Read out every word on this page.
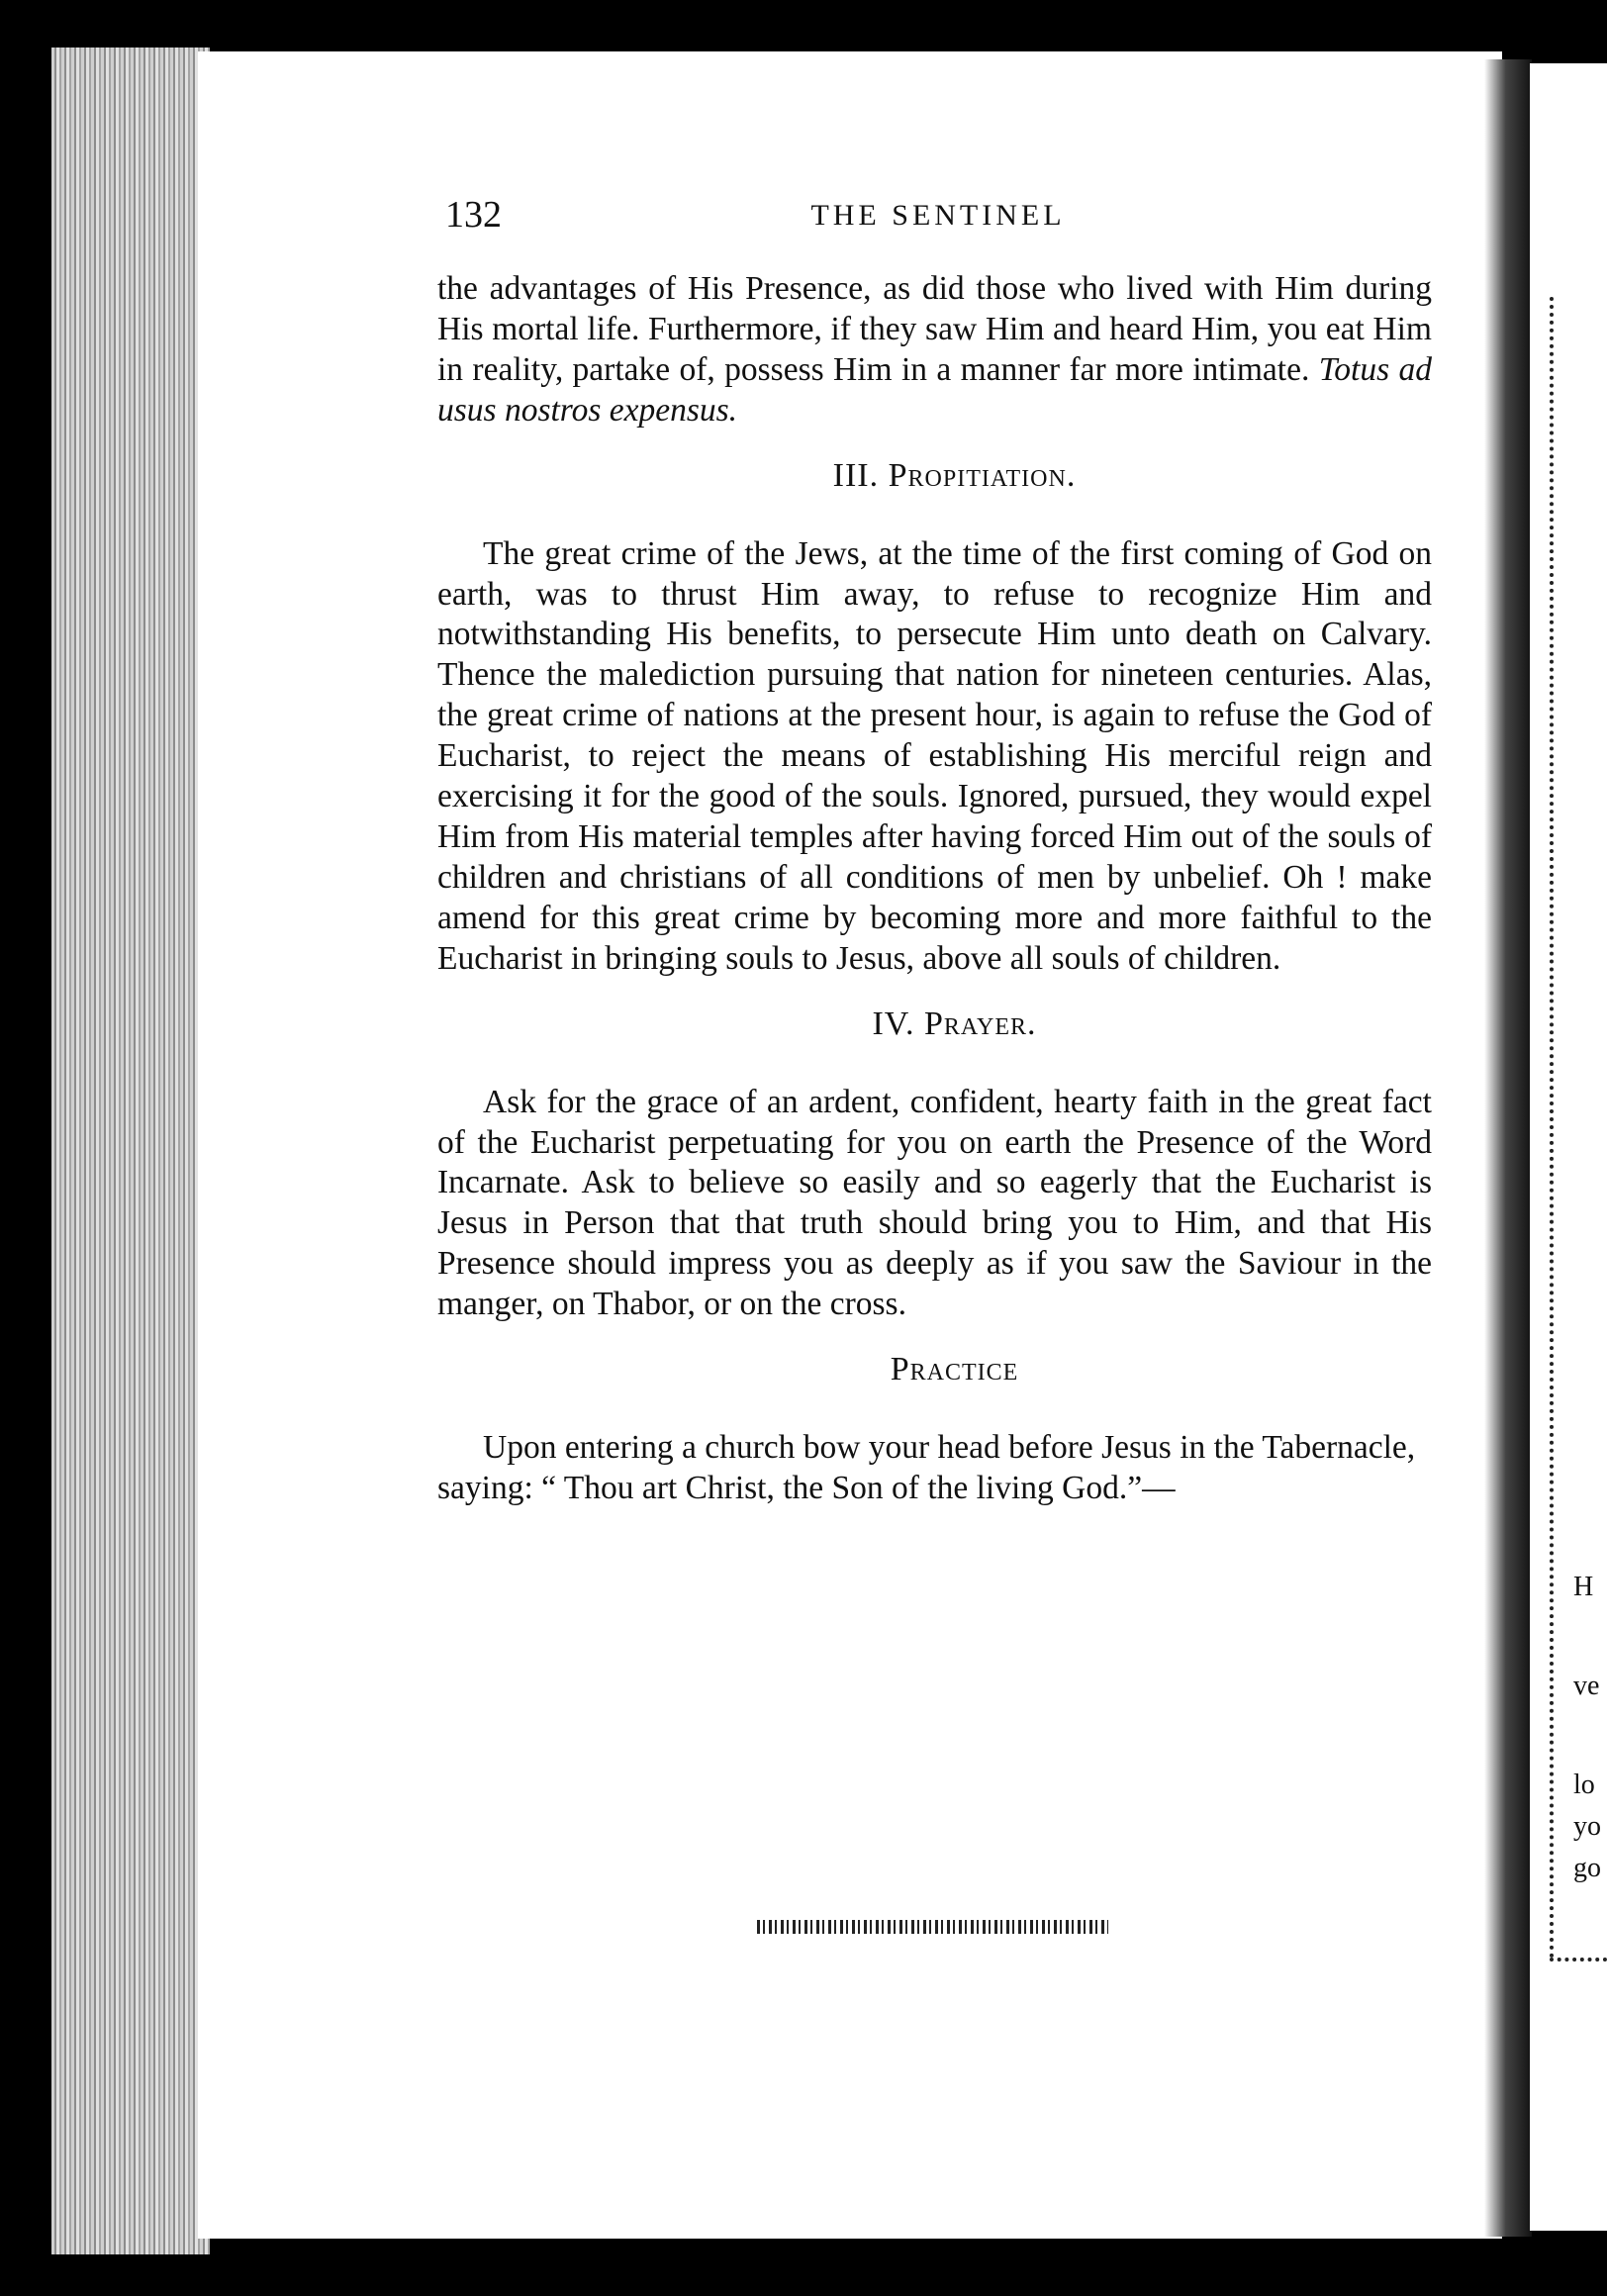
H
ve
lo
yo
go
132	THE SENTINEL

the advantages of His Presence, as did those who lived with Him during His mortal life. Furthermore, if they saw Him and heard Him, you eat Him in reality, partake of, possess Him in a manner far more intimate. Totus ad usus nostros expensus.

III. Propitiation.

The great crime of the Jews, at the time of the first coming of God on earth, was to thrust Him away, to refuse to recognize Him and notwithstanding His benefits, to persecute Him unto death on Calvary. Thence the malediction pursuing that nation for nineteen centuries. Alas, the great crime of nations at the present hour, is again to refuse the God of Eucharist, to reject the means of establishing His merciful reign and exercising it for the good of the souls. Ignored, pursued, they would expel Him from His material temples after having forced Him out of the souls of children and christians of all conditions of men by unbelief. Oh ! make amend for this great crime by becoming more and more faithful to the Eucharist in bringing souls to Jesus, above all souls of children.

IV. Prayer.

Ask for the grace of an ardent, confident, hearty faith in the great fact of the Eucharist perpetuating for you on earth the Presence of the Word Incarnate. Ask to believe so easily and so eagerly that the Eucharist is Jesus in Person that that truth should bring you to Him, and that His Presence should impress you as deeply as if you saw the Saviour in the manger, on Thabor, or on the cross.

Practice

Upon entering a church bow your head before Jesus in the Tabernacle, saying: “ Thou art Christ, the Son of the living God.”—
